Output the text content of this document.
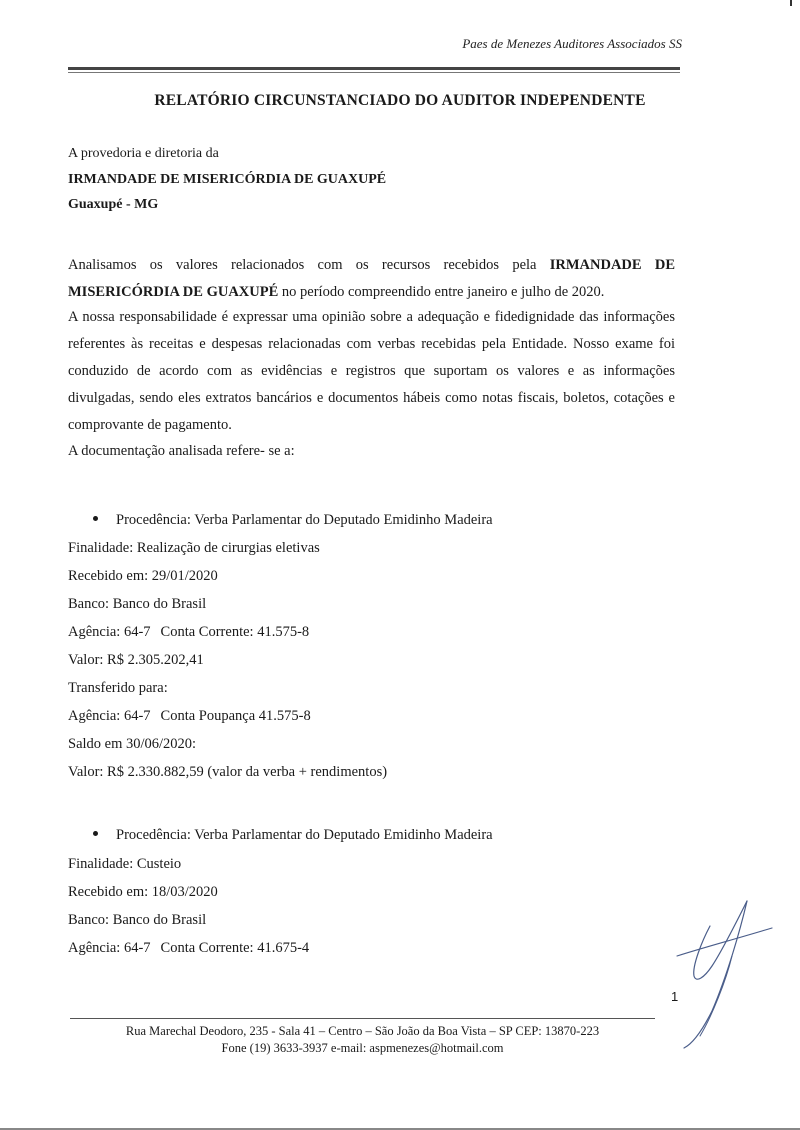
Paes de Menezes Auditores Associados SS
RELATÓRIO CIRCUNSTANCIADO DO AUDITOR INDEPENDENTE
A provedoria e diretoria da
IRMANDADE DE MISERICÓRDIA DE GUAXUPÉ
Guaxupé - MG

Analisamos os valores relacionados com os recursos recebidos pela IRMANDADE DE MISERICÓRDIA DE GUAXUPÉ no período compreendido entre janeiro e julho de 2020.

A nossa responsabilidade é expressar uma opinião sobre a adequação e fidedignidade das informações referentes às receitas e despesas relacionadas com verbas recebidas pela Entidade. Nosso exame foi conduzido de acordo com as evidências e registros que suportam os valores e as informações divulgadas, sendo eles extratos bancários e documentos hábeis como notas fiscais, boletos, cotações e comprovante de pagamento.

A documentação analisada refere- se a:
Procedência: Verba Parlamentar do Deputado Emidinho Madeira
Finalidade: Realização de cirurgias eletivas
Recebido em: 29/01/2020
Banco: Banco do Brasil
Agência: 64-7 Conta Corrente: 41.575-8
Valor: R$ 2.305.202,41
Transferido para:
Agência: 64-7 Conta Poupança 41.575-8
Saldo em 30/06/2020:
Valor: R$ 2.330.882,59 (valor da verba + rendimentos)
Procedência: Verba Parlamentar do Deputado Emidinho Madeira
Finalidade: Custeio
Recebido em: 18/03/2020
Banco: Banco do Brasil
Agência: 64-7 Conta Corrente: 41.675-4
1
Rua Marechal Deodoro, 235 - Sala 41 – Centro – São João da Boa Vista – SP CEP: 13870-223
Fone (19) 3633-3937 e-mail: aspmenezes@hotmail.com
